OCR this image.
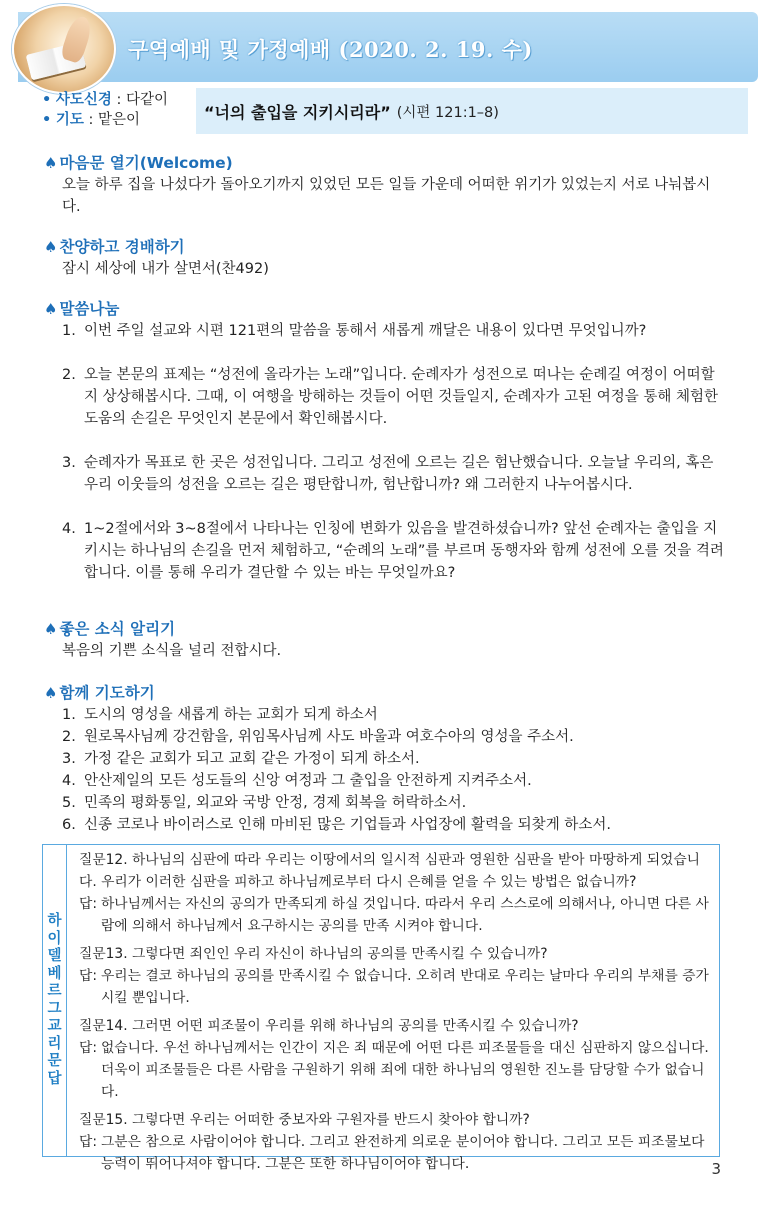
구역예배 및 가정예배 (2020. 2. 19. 수)
• 사도신경 : 다같이
• 기도 : 맡은이	“너의 출입을 지키시리라” (시편 121:1–8)
♠ 마음문 열기(Welcome)
오늘 하루 집을 나섰다가 돌아오기까지 있었던 모든 일들 가운데 어떠한 위기가 있었는지 서로 나눠봅시다.
♠ 찬양하고 경배하기
잠시 세상에 내가 살면서(찬492)
♠ 말씀나눔
1. 이번 주일 설교와 시편 121편의 말씀을 통해서 새롭게 깨달은 내용이 있다면 무엇입니까?
2. 오늘 본문의 표제는 “성전에 올라가는 노래”입니다. 순례자가 성전으로 떠나는 순례길 여정이 어떠할지 상상해봅시다. 그때, 이 여행을 방해하는 것들이 어떤 것들일지, 순례자가 고된 여정을 통해 체험한 도움의 손길은 무엇인지 본문에서 확인해봅시다.
3. 순례자가 목표로 한 곳은 성전입니다. 그리고 성전에 오르는 길은 험난했습니다. 오늘날 우리의, 혹은 우리 이웃들의 성전을 오르는 길은 평탄합니까, 험난합니까? 왜 그러한지 나누어봅시다.
4. 1~2절에서와 3~8절에서 나타나는 인칭에 변화가 있음을 발견하셨습니까? 앞선 순례자는 출입을 지키시는 하나님의 손길을 먼저 체험하고, “순례의 노래”를 부르며 동행자와 함께 성전에 오를 것을 격려합니다. 이를 통해 우리가 결단할 수 있는 바는 무엇일까요?
♠ 좋은 소식 알리기
복음의 기쁜 소식을 널리 전합시다.
♠ 함께 기도하기
1. 도시의 영성을 새롭게 하는 교회가 되게 하소서
2. 원로목사님께 강건함을, 위임목사님께 사도 바울과 여호수아의 영성을 주소서.
3. 가정 같은 교회가 되고 교회 같은 가정이 되게 하소서.
4. 안산제일의 모든 성도들의 신앙 여정과 그 출입을 안전하게 지켜주소서.
5. 민족의 평화통일, 외교와 국방 안정, 경제 회복을 허락하소서.
6. 신종 코로나 바이러스로 인해 마비된 많은 기업들과 사업장에 활력을 되찾게 하소서.
하이델베르그교리문답
질문12. 하나님의 심판에 따라 우리는 이땅에서의 일시적 심판과 영원한 심판을 받아 마땅하게 되었습니다. 우리가 이러한 심판을 피하고 하나님께로부터 다시 은혜를 얻을 수 있는 방법은 없습니까?
답: 하나님께서는 자신의 공의가 만족되게 하실 것입니다. 따라서 우리 스스로에 의해서나, 아니면 다른 사람에 의해서 하나님께서 요구하시는 공의를 만족 시켜야 합니다.
질문13. 그렇다면 죄인인 우리 자신이 하나님의 공의를 만족시킬 수 있습니까?
답: 우리는 결코 하나님의 공의를 만족시킬 수 없습니다. 오히려 반대로 우리는 날마다 우리의 부채를 증가시킬 뿐입니다.
질문14. 그러면 어떤 피조물이 우리를 위해 하나님의 공의를 만족시킬 수 있습니까?
답: 없습니다. 우선 하나님께서는 인간이 지은 죄 때문에 어떤 다른 피조물들을 대신 심판하지 않으십니다. 더욱이 피조물들은 다른 사람을 구원하기 위해 죄에 대한 하나님의 영원한 진노를 담당할 수가 없습니다.
질문15. 그렇다면 우리는 어떠한 중보자와 구원자를 반드시 찾아야 합니까?
답: 그분은 참으로 사람이어야 합니다. 그리고 완전하게 의로운 분이어야 합니다. 그리고 모든 피조물보다 능력이 뛰어나셔야 합니다. 그분은 또한 하나님이어야 합니다.	3
